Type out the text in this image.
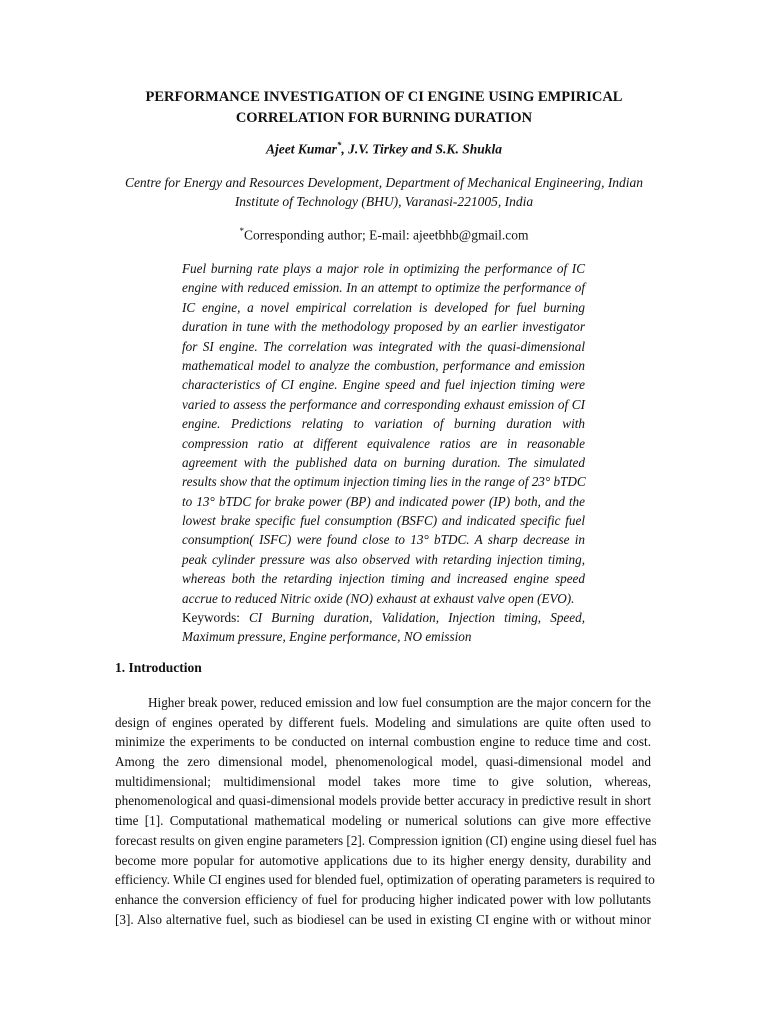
PERFORMANCE INVESTIGATION OF CI ENGINE USING EMPIRICAL
CORRELATION FOR BURNING DURATION
Ajeet Kumar*, J.V. Tirkey and S.K. Shukla
Centre for Energy and Resources Development, Department of Mechanical Engineering, Indian
Institute of Technology (BHU), Varanasi-221005, India
*Corresponding author; E-mail: ajeetbhb@gmail.com
Fuel burning rate plays a major role in optimizing the performance of IC
engine with reduced emission. In an attempt to optimize the performance of
IC engine, a novel empirical correlation is developed for fuel burning
duration in tune with the methodology proposed by an earlier investigator
for SI engine. The correlation was integrated with the quasi-dimensional
mathematical model to analyze the combustion, performance and emission
characteristics of CI engine. Engine speed and fuel injection timing were
varied to assess the performance and corresponding exhaust emission of CI
engine. Predictions relating to variation of burning duration with
compression ratio at different equivalence ratios are in reasonable
agreement with the published data on burning duration. The simulated
results show that the optimum injection timing lies in the range of 23° bTDC
to 13° bTDC for brake power (BP) and indicated power (IP) both, and the
lowest brake specific fuel consumption (BSFC) and indicated specific fuel
consumption( ISFC) were found close to 13° bTDC. A sharp decrease in
peak cylinder pressure was also observed with retarding injection timing,
whereas both the retarding injection timing and increased engine speed
accrue to reduced Nitric oxide (NO) exhaust at exhaust valve open (EVO).
Keywords: CI Burning duration, Validation, Injection timing, Speed,
Maximum pressure, Engine performance, NO emission
1. Introduction
Higher break power, reduced emission and low fuel consumption are the major concern for the
design of engines operated by different fuels. Modeling and simulations are quite often used to
minimize the experiments to be conducted on internal combustion engine to reduce time and cost.
Among the zero dimensional model, phenomenological model, quasi-dimensional model and
multidimensional; multidimensional model takes more time to give solution, whereas,
phenomenological and quasi-dimensional models provide better accuracy in predictive result in short
time [1]. Computational mathematical modeling or numerical solutions can give more effective
forecast results on given engine parameters [2]. Compression ignition (CI) engine using diesel fuel has
become more popular for automotive applications due to its higher energy density, durability and
efficiency. While CI engines used for blended fuel, optimization of operating parameters is required to
enhance the conversion efficiency of fuel for producing higher indicated power with low pollutants
[3]. Also alternative fuel, such as biodiesel can be used in existing CI engine with or without minor
